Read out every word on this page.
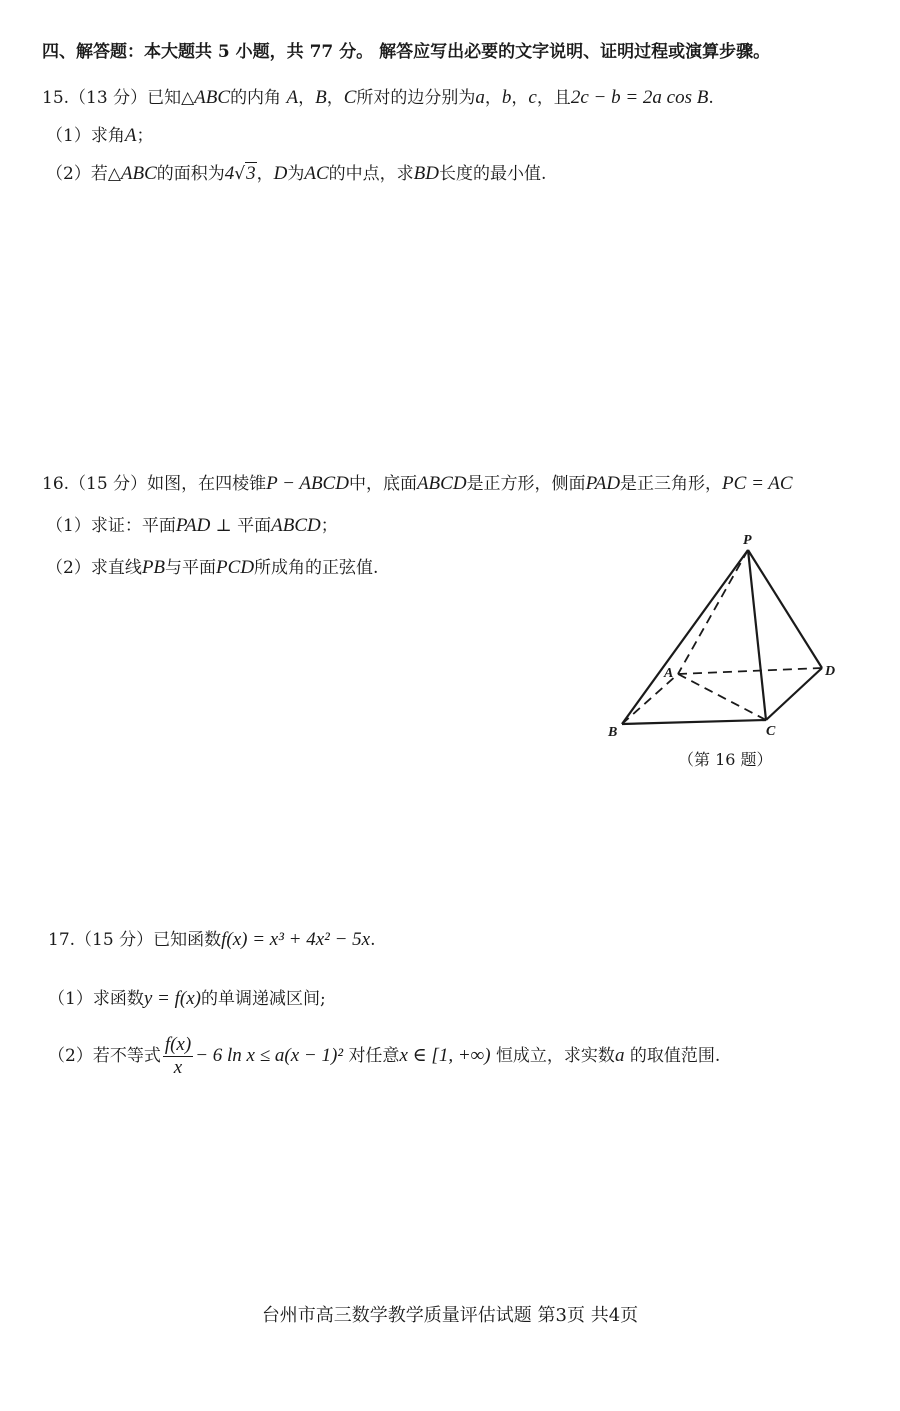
四、解答题：本大题共 5 小题，共 77 分。 解答应写出必要的文字说明、证明过程或演算步骤。
15.（13 分）已知△ABC的内角 A，B，C所对的边分别为a，b，c，且2c − b = 2a cos B.
（1）求角A；
（2）若△ABC的面积为4√3，D为AC的中点，求BD长度的最小值.
16.（15 分）如图，在四棱锥P − ABCD中，底面ABCD是正方形，侧面PAD是正三角形，PC = AC
（1）求证：平面PAD ⊥ 平面ABCD；
（2）求直线PB与平面PCD所成角的正弦值.
P
A
B	C
D
（第 16 题）
17.（15 分）已知函数f(x) = x³ + 4x² − 5x.
（1）求函数y = f(x)的单调递减区间;
（2）若不等式 $\frac{f(x)}{x} - 6$ ln x ≤ a(x − 1)² 对任意x ∈ [1, +∞) 恒成立，求实数a 的取值范围.
台州市高三数学教学质量评估试题 第3页 共4页
